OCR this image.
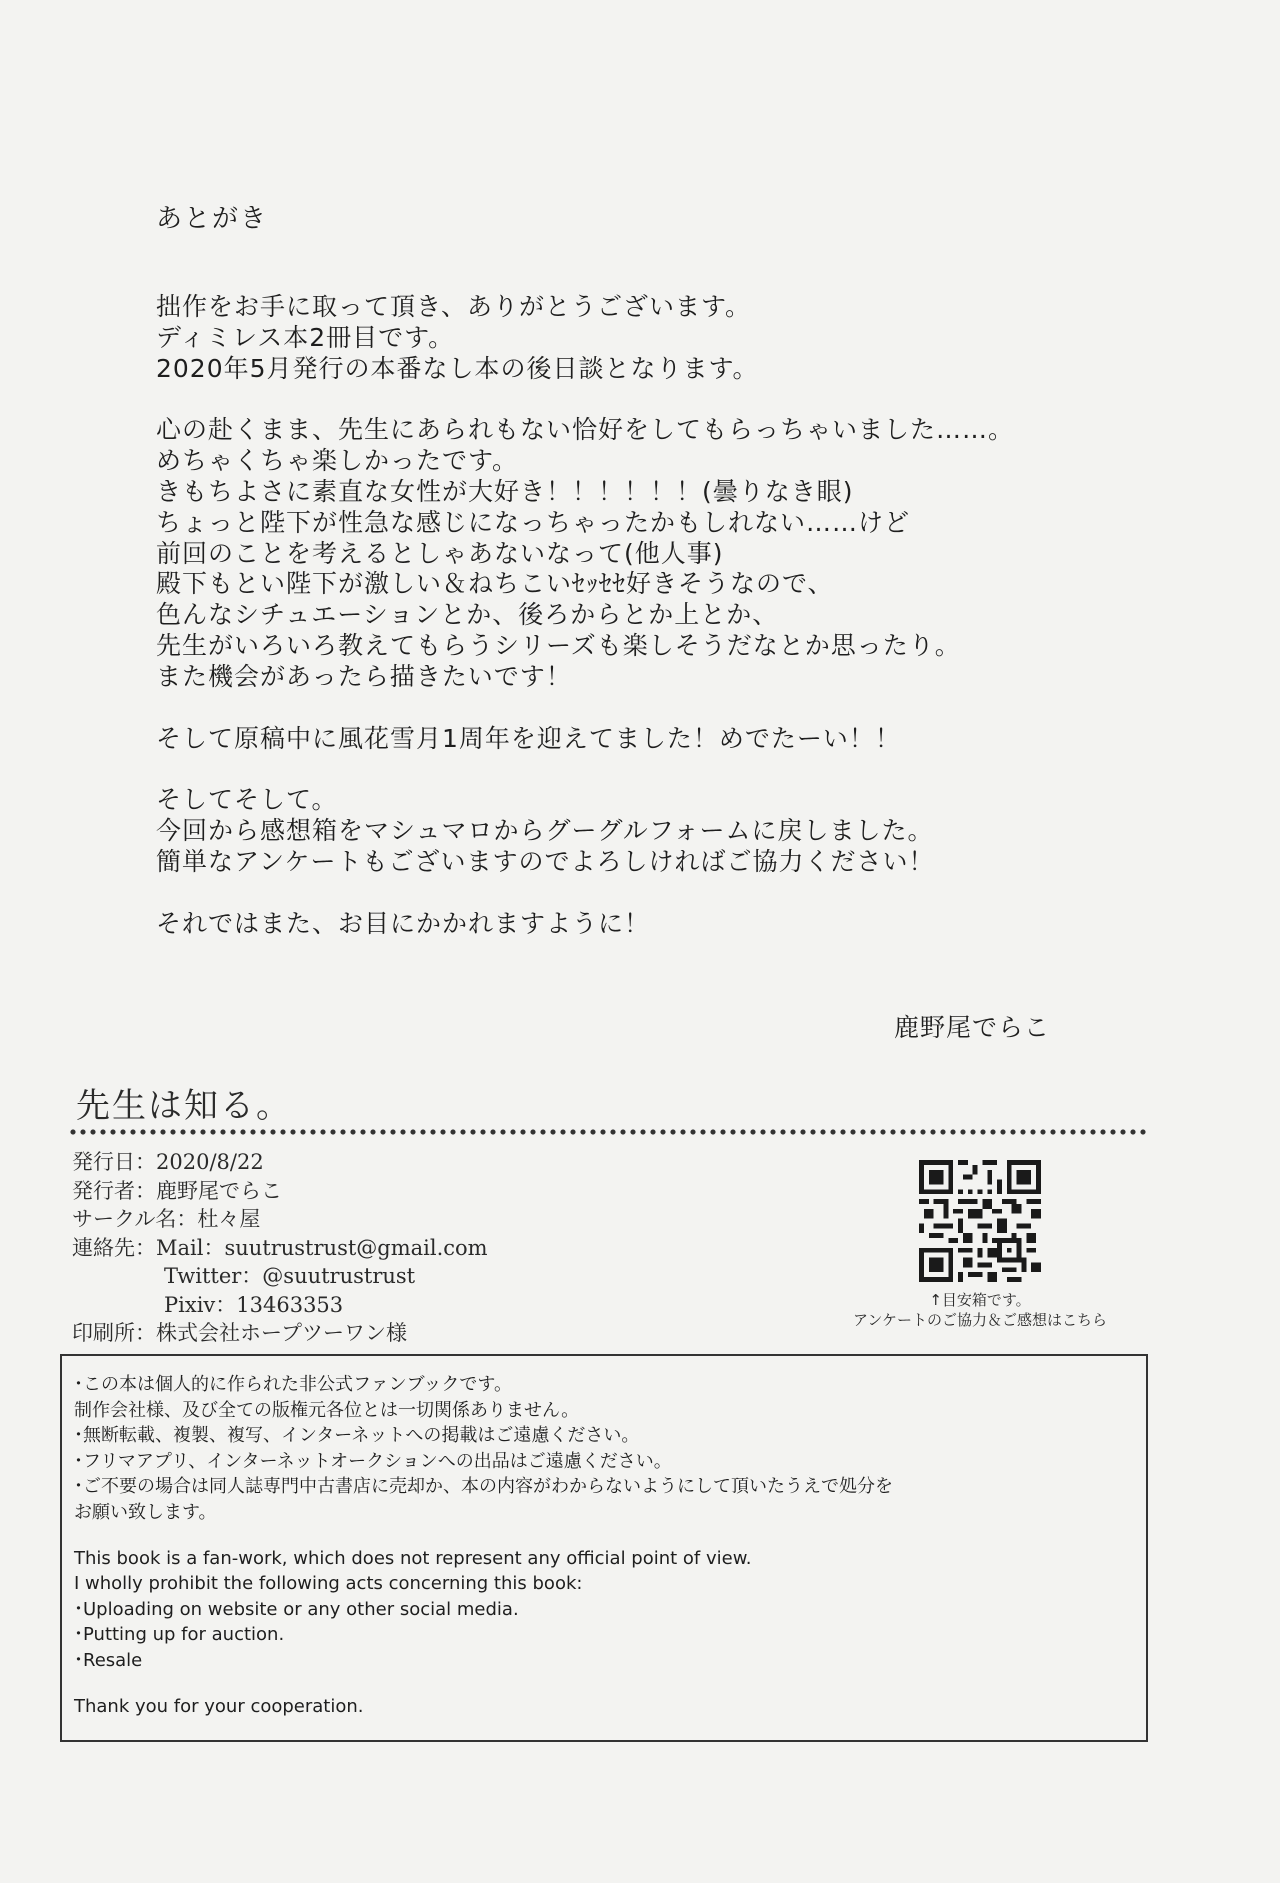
あとがき
拙作をお手に取って頂き、ありがとうございます。
ディミレス本2冊目です。
2020年5月発行の本番なし本の後日談となります。
心の赴くまま、先生にあられもない恰好をしてもらっちゃいました……。
めちゃくちゃ楽しかったです。
きもちよさに素直な女性が大好き！！！！！！(曇りなき眼)
ちょっと陛下が性急な感じになっちゃったかもしれない……けど
前回のことを考えるとしゃあないなって(他人事)
殿下もとい陛下が激しい＆ねちこいｾｯｾｾ好きそうなので、
色んなシチュエーションとか、後ろからとか上とか、
先生がいろいろ教えてもらうシリーズも楽しそうだなとか思ったり。
また機会があったら描きたいです！
そして原稿中に風花雪月1周年を迎えてました！めでたーい！！
そしてそして。
今回から感想箱をマシュマロからグーグルフォームに戻しました。
簡単なアンケートもございますのでよろしければご協力ください！
それではまた、お目にかかれますように！
鹿野尾でらこ
先生は知る。
発行日： 2020/8/22
発行者： 鹿野尾でらこ
サークル名： 杜々屋
連絡先： Mail：suutrustrust@gmail.com
Twitter：@suutrustrust
Pixiv：13463353
印刷所： 株式会社ホープツーワン様
↑目安箱です。
アンケートのご協力＆ご感想はこちら
･この本は個人的に作られた非公式ファンブックです。
制作会社様、及び全ての版権元各位とは一切関係ありません。
･無断転載、複製、複写、インターネットへの掲載はご遠慮ください。
･フリマアプリ、インターネットオークションへの出品はご遠慮ください。
･ご不要の場合は同人誌専門中古書店に売却か、本の内容がわからないようにして頂いたうえで処分を
お願い致します。
This book is a fan-work, which does not represent any official point of view.
I wholly prohibit the following acts concerning this book:
･Uploading on website or any other social media.
･Putting up for auction.
･Resale
Thank you for your cooperation.
